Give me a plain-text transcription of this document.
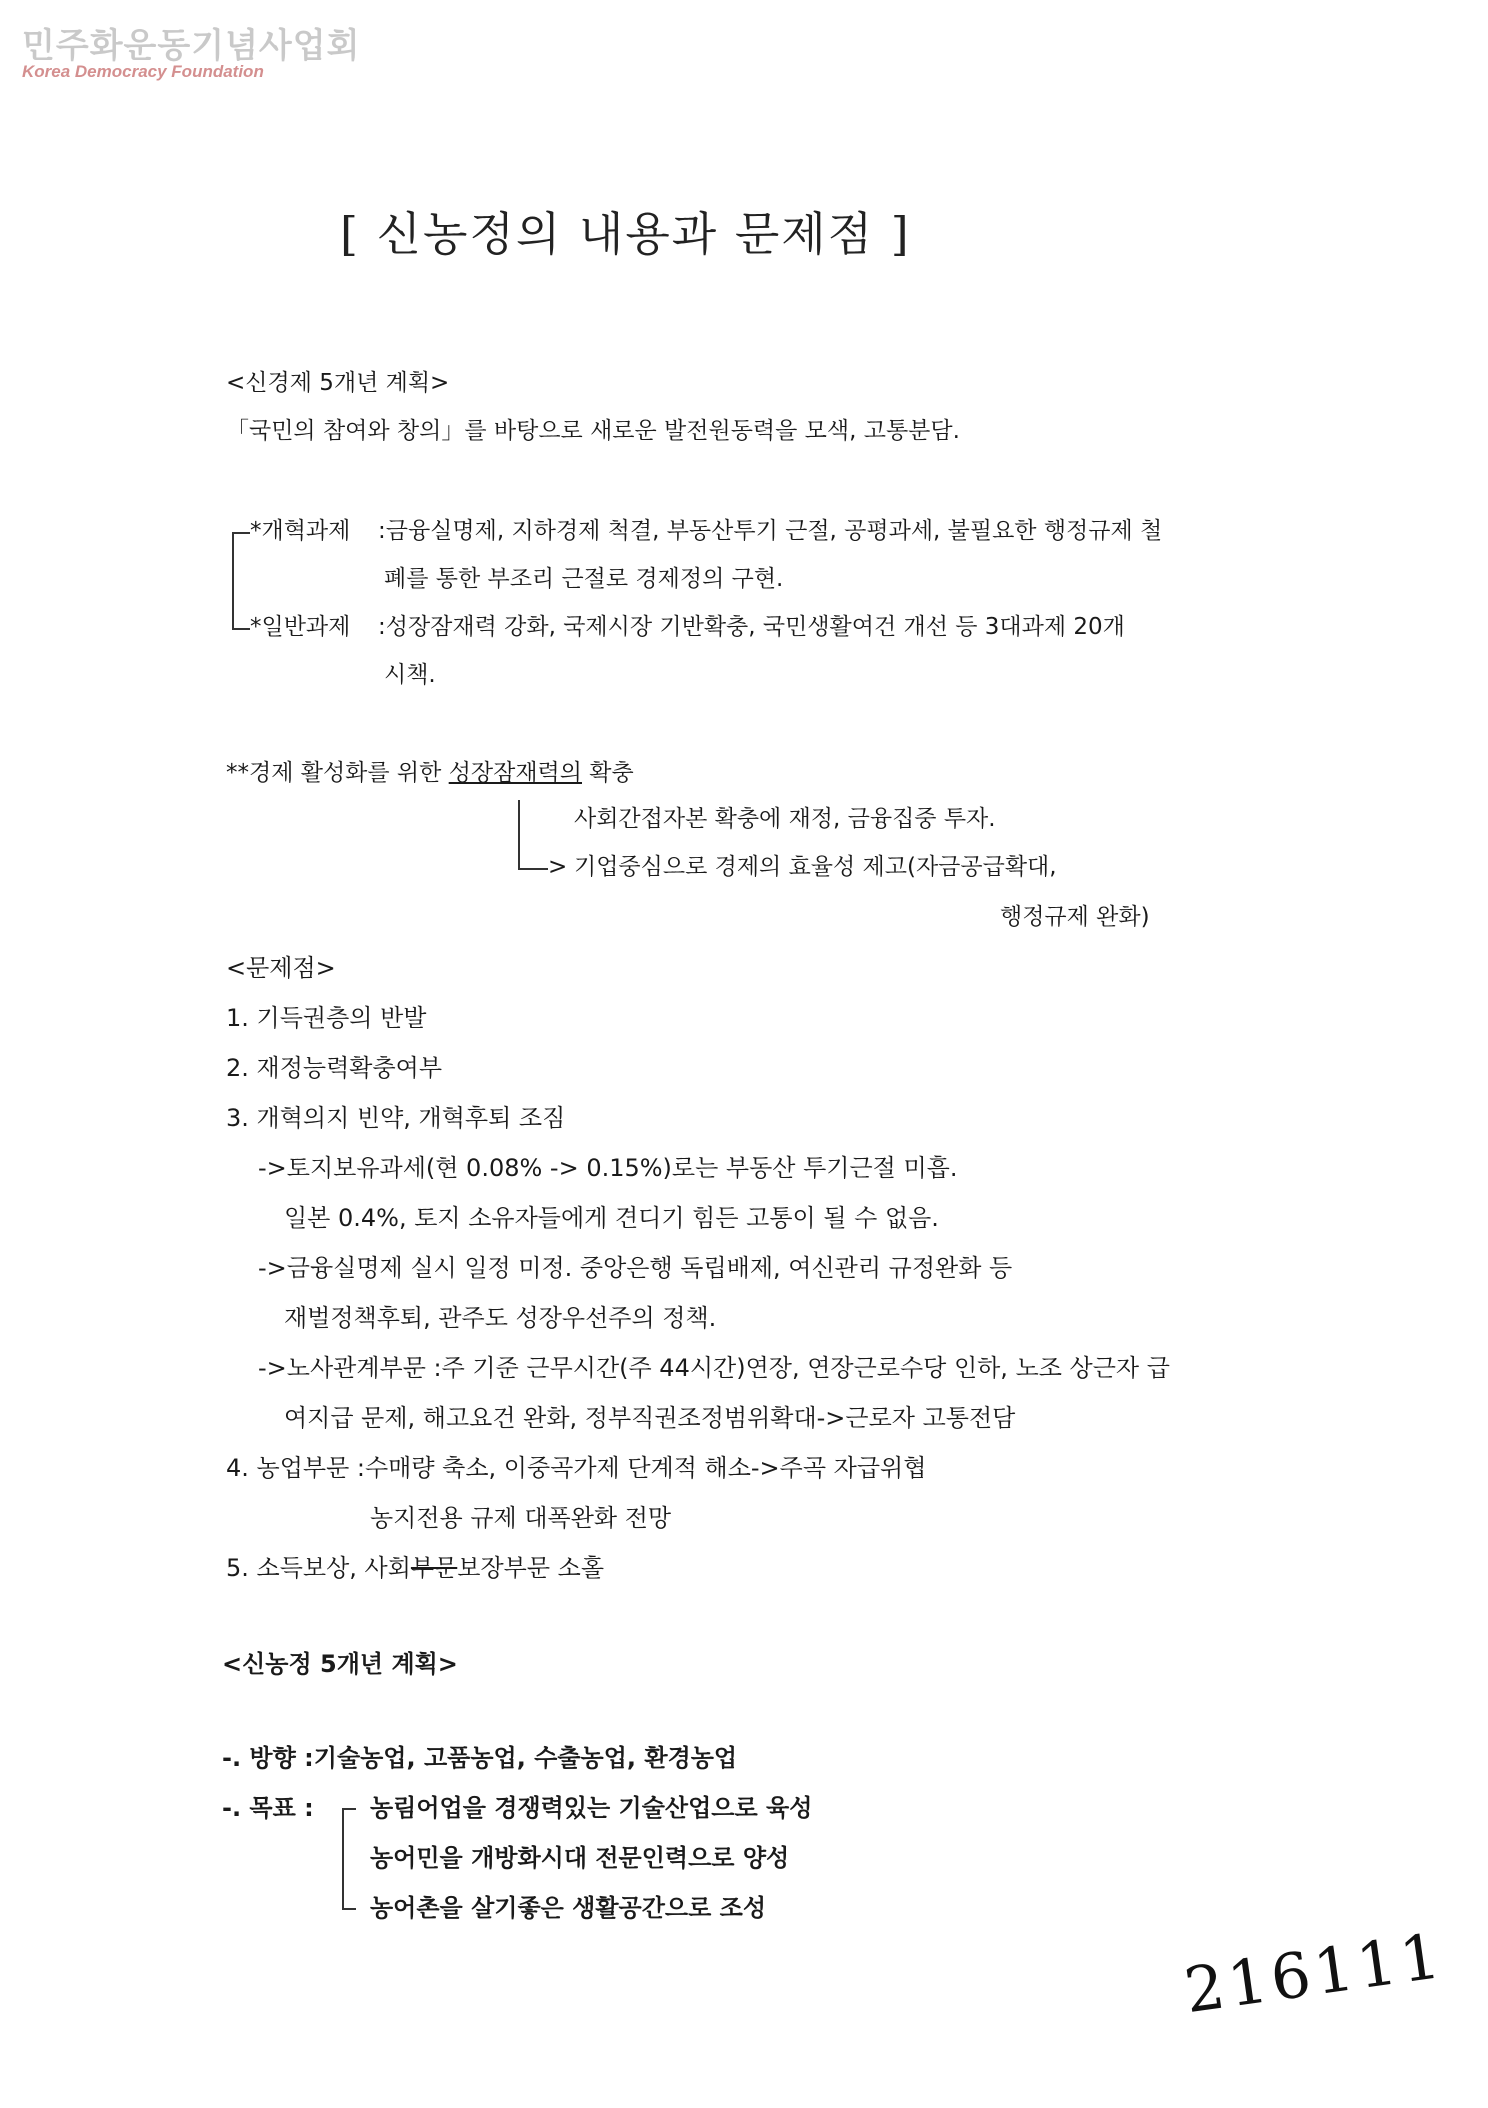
민주화운동기념사업회
Korea Democracy Foundation
[ 신농정의 내용과 문제점 ]
<신경제 5개년 계획>
「국민의 참여와 창의」를 바탕으로 새로운 발전원동력을 모색, 고통분담.
*개혁과제 :금융실명제, 지하경제 척결, 부동산투기 근절, 공평과세, 불필요한 행정규제 철
폐를 통한 부조리 근절로 경제정의 구현.
*일반과제 :성장잠재력 강화, 국제시장 기반확충, 국민생활여건 개선 등 3대과제 20개
시책.
**경제 활성화를 위한 성장잠재력의 확충
>
사회간접자본 확충에 재정, 금융집중 투자.
기업중심으로 경제의 효율성 제고(자금공급확대,
행정규제 완화)
<문제점>
1. 기득권층의 반발
2. 재정능력확충여부
3. 개혁의지 빈약, 개혁후퇴 조짐
->토지보유과세(현 0.08% -> 0.15%)로는 부동산 투기근절 미흡.
일본 0.4%, 토지 소유자들에게 견디기 힘든 고통이 될 수 없음.
->금융실명제 실시 일정 미정. 중앙은행 독립배제, 여신관리 규정완화 등
재벌정책후퇴, 관주도 성장우선주의 정책.
->노사관계부문 :주 기준 근무시간(주 44시간)연장, 연장근로수당 인하, 노조 상근자 급
여지급 문제, 해고요건 완화, 정부직권조정범위확대->근로자 고통전담
4. 농업부문 :수매량 축소, 이중곡가제 단계적 해소->주곡 자급위협
농지전용 규제 대폭완화 전망
5. 소득보상, 사회부문보장부문 소홀
<신농정 5개년 계획>
-. 방향 :기술농업, 고품농업, 수출농업, 환경농업
-. 목표 : 농림어업을 경쟁력있는 기술산업으로 육성
농어민을 개방화시대 전문인력으로 양성
농어촌을 살기좋은 생활공간으로 조성
216111
